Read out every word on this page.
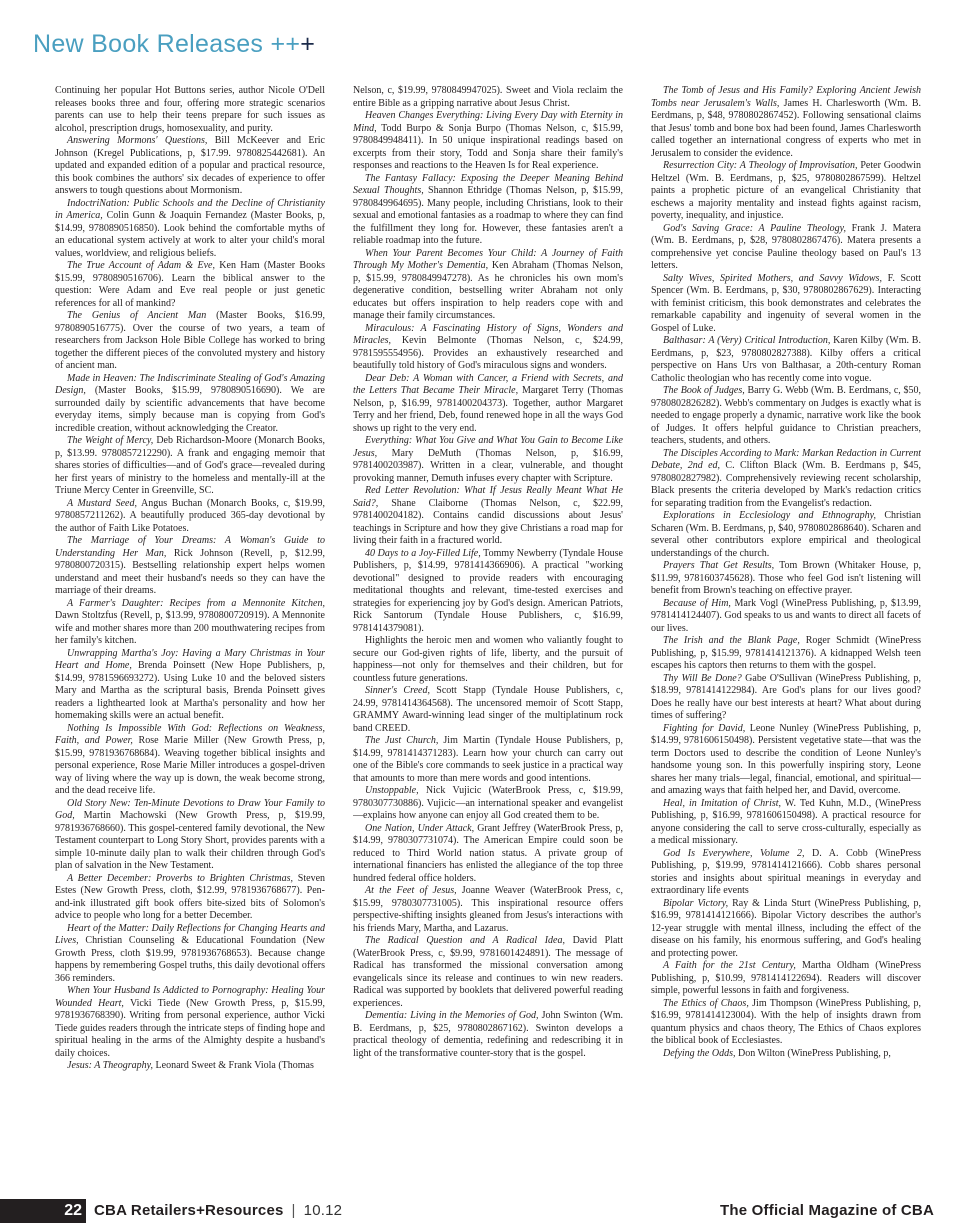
New Book Releases +++

Continuing her popular Hot Buttons series, author Nicole O'Dell releases books three and four, offering more strategic scenarios parents can use to help their teens prepare for such issues as alcohol, prescription drugs, homosexuality, and purity.

Answering Mormons' Questions, Bill McKeever and Eric Johnson (Kregel Publications, p, $17.99. 9780825442681). An updated and expanded edition of a popular and practical resource, this book combines the authors' six decades of experience to offer answers to tough questions about Mormonism.

IndoctriNation: Public Schools and the Decline of Christianity in America, Colin Gunn & Joaquin Fernandez (Master Books, p, $14.99, 9780890516850). Look behind the comfortable myths of an educational system actively at work to alter your child's moral values, worldview, and religious beliefs.

The True Account of Adam & Eve, Ken Ham (Master Books $15.99, 9780890516706). Learn the biblical answer to the question: Were Adam and Eve real people or just genetic references for all of mankind?

The Genius of Ancient Man (Master Books, $16.99, 9780890516775). Over the course of two years, a team of researchers from Jackson Hole Bible College has worked to bring together the different pieces of the convoluted mystery and history of ancient man.

Made in Heaven: The Indiscriminate Stealing of God's Amazing Design, (Master Books, $15.99, 9780890516690). We are surrounded daily by scientific advancements that have become everyday items, simply because man is copying from God's incredible creation, without acknowledging the Creator.

The Weight of Mercy, Deb Richardson-Moore (Monarch Books, p, $13.99. 9780857212290). A frank and engaging memoir that shares stories of difficulties—and of God's grace—revealed during her first years of ministry to the homeless and mentally-ill at the Triune Mercy Center in Greenville, SC.

A Mustard Seed, Angus Buchan (Monarch Books, c, $19.99, 9780857211262). A beautifully produced 365-day devotional by the author of Faith Like Potatoes.

The Marriage of Your Dreams: A Woman's Guide to Understanding Her Man, Rick Johnson (Revell, p, $12.99, 9780800720315). Bestselling relationship expert helps women understand and meet their husband's needs so they can have the marriage of their dreams.

A Farmer's Daughter: Recipes from a Mennonite Kitchen, Dawn Stoltzfus (Revell, p, $13.99, 9780800720919). A Mennonite wife and mother shares more than 200 mouthwatering recipes from her family's kitchen.

Unwrapping Martha's Joy: Having a Mary Christmas in Your Heart and Home, Brenda Poinsett (New Hope Publishers, p, $14.99, 9781596693272). Using Luke 10 and the beloved sisters Mary and Martha as the scriptural basis, Brenda Poinsett gives readers a lighthearted look at Martha's personality and how her homemaking skills were an actual benefit.

Nothing Is Impossible With God: Reflections on Weakness, Faith, and Power, Rose Marie Miller (New Growth Press, p, $15.99, 9781936768684). Weaving together biblical insights and personal experience, Rose Marie Miller introduces a gospel-driven way of living where the way up is down, the weak become strong, and the dead receive life.

Old Story New: Ten-Minute Devotions to Draw Your Family to God, Martin Machowski (New Growth Press, p, $19.99, 9781936768660). This gospel-centered family devotional, the New Testament counterpart to Long Story Short, provides parents with a simple 10-minute daily plan to walk their children through God's plan of salvation in the New Testament.

A Better December: Proverbs to Brighten Christmas, Steven Estes (New Growth Press, cloth, $12.99, 9781936768677). Pen-and-ink illustrated gift book offers bite-sized bits of Solomon's advice to people who long for a better December.

Heart of the Matter: Daily Reflections for Changing Hearts and Lives, Christian Counseling & Educational Foundation (New Growth Press, cloth $19.99, 9781936768653). Because change happens by remembering Gospel truths, this daily devotional offers 366 reminders.

When Your Husband Is Addicted to Pornography: Healing Your Wounded Heart, Vicki Tiede (New Growth Press, p, $15.99, 9781936768390). Writing from personal experience, author Vicki Tiede guides readers through the intricate steps of finding hope and spiritual healing in the arms of the Almighty despite a husband's daily choices.

Jesus: A Theography, Leonard Sweet & Frank Viola (Thomas

Nelson, c, $19.99, 9780849947025). Sweet and Viola reclaim the entire Bible as a gripping narrative about Jesus Christ.

Heaven Changes Everything: Living Every Day with Eternity in Mind, Todd Burpo & Sonja Burpo (Thomas Nelson, c, $15.99, 9780849948411). In 50 unique inspirational readings based on excerpts from their story, Todd and Sonja share their family's responses and reactions to the Heaven Is for Real experience.

The Fantasy Fallacy: Exposing the Deeper Meaning Behind Sexual Thoughts, Shannon Ethridge (Thomas Nelson, p, $15.99, 9780849964695). Many people, including Christians, look to their sexual and emotional fantasies as a roadmap to where they can find the fulfillment they long for. However, these fantasies aren't a reliable roadmap into the future.

When Your Parent Becomes Your Child: A Journey of Faith Through My Mother's Dementia, Ken Abraham (Thomas Nelson, p, $15.99, 9780849947278). As he chronicles his own mom's degenerative condition, bestselling writer Abraham not only educates but offers inspiration to help readers cope with and manage their family circumstances.

Miraculous: A Fascinating History of Signs, Wonders and Miracles, Kevin Belmonte (Thomas Nelson, c, $24.99, 9781595554956). Provides an exhaustively researched and beautifully told history of God's miraculous signs and wonders.

Dear Deb: A Woman with Cancer, a Friend with Secrets, and the Letters That Became Their Miracle, Margaret Terry (Thomas Nelson, p, $16.99, 9781400204373). Together, author Margaret Terry and her friend, Deb, found renewed hope in all the ways God shows up right to the very end.

Everything: What You Give and What You Gain to Become Like Jesus, Mary DeMuth (Thomas Nelson, p, $16.99, 9781400203987). Written in a clear, vulnerable, and thought provoking manner, Demuth infuses every chapter with Scripture.

Red Letter Revolution: What If Jesus Really Meant What He Said?, Shane Claiborne (Thomas Nelson, c, $22.99, 9781400204182). Contains candid discussions about Jesus' teachings in Scripture and how they give Christians a road map for living their faith in a fractured world.

40 Days to a Joy-Filled Life, Tommy Newberry (Tyndale House Publishers, p, $14.99, 9781414366906). A practical "working devotional" designed to provide readers with encouraging meditational thoughts and relevant, time-tested exercises and strategies for experiencing joy by God's design. American Patriots, Rick Santorum (Tyndale House Publishers, c, $16.99, 9781414379081).

Highlights the heroic men and women who valiantly fought to secure our God-given rights of life, liberty, and the pursuit of happiness—not only for themselves and their children, but for countless future generations.

Sinner's Creed, Scott Stapp (Tyndale House Publishers, c, 24.99, 9781414364568). The uncensored memoir of Scott Stapp, GRAMMY Award-winning lead singer of the multiplatinum rock band CREED.

The Just Church, Jim Martin (Tyndale House Publishers, p, $14.99, 9781414371283). Learn how your church can carry out one of the Bible's core commands to seek justice in a practical way that amounts to more than mere words and good intentions.

Unstoppable, Nick Vujicic (WaterBrook Press, c, $19.99, 9780307730886). Vujicic—an international speaker and evangelist—explains how anyone can enjoy all God created them to be.

One Nation, Under Attack, Grant Jeffrey (WaterBrook Press, p, $14.99, 9780307731074). The American Empire could soon be reduced to Third World nation status. A private group of international financiers has enlisted the allegiance of the top three hundred federal office holders.

At the Feet of Jesus, Joanne Weaver (WaterBrook Press, c, $15.99, 9780307731005). This inspirational resource offers perspective-shifting insights gleaned from Jesus's interactions with his friends Mary, Martha, and Lazarus.

The Radical Question and A Radical Idea, David Platt (WaterBrook Press, c, $9.99, 9781601424891). The message of Radical has transformed the missional conversation among evangelicals since its release and continues to win new readers. Radical was supported by booklets that delivered powerful reading experiences.

Dementia: Living in the Memories of God, John Swinton (Wm. B. Eerdmans, p, $25, 9780802867162). Swinton develops a practical theology of dementia, redefining and redescribing it in light of the transformative counter-story that is the gospel.

The Tomb of Jesus and His Family? Exploring Ancient Jewish Tombs near Jerusalem's Walls, James H. Charlesworth (Wm. B. Eerdmans, p, $48, 9780802867452). Following sensational claims that Jesus' tomb and bone box had been found, James Charlesworth called together an international congress of experts who met in Jerusalem to consider the evidence.

Resurrection City: A Theology of Improvisation, Peter Goodwin Heltzel (Wm. B. Eerdmans, p, $25, 9780802867599). Heltzel paints a prophetic picture of an evangelical Christianity that eschews a majority mentality and instead fights against racism, poverty, inequality, and injustice.

God's Saving Grace: A Pauline Theology, Frank J. Matera (Wm. B. Eerdmans, p, $28, 9780802867476). Matera presents a comprehensive yet concise Pauline theology based on Paul's 13 letters.

Salty Wives, Spirited Mothers, and Savvy Widows, F. Scott Spencer (Wm. B. Eerdmans, p, $30, 9780802867629). Interacting with feminist criticism, this book demonstrates and celebrates the remarkable capability and ingenuity of several women in the Gospel of Luke.

Balthasar: A (Very) Critical Introduction, Karen Kilby (Wm. B. Eerdmans, p, $23, 9780802827388). Kilby offers a critical perspective on Hans Urs von Balthasar, a 20th-century Roman Catholic theologian who has recently come into vogue.

The Book of Judges, Barry G. Webb (Wm. B. Eerdmans, c, $50, 9780802826282). Webb's commentary on Judges is exactly what is needed to engage properly a dynamic, narrative work like the book of Judges. It offers helpful guidance to Christian preachers, teachers, students, and others.

The Disciples According to Mark: Markan Redaction in Current Debate, 2nd ed, C. Clifton Black (Wm. B. Eerdmans p, $45, 9780802827982). Comprehensively reviewing recent scholarship, Black presents the criteria developed by Mark's redaction critics for separating tradition from the Evangelist's redaction.

Explorations in Ecclesiology and Ethnography, Christian Scharen (Wm. B. Eerdmans, p, $40, 9780802868640). Scharen and several other contributors explore empirical and theological understandings of the church.

Prayers That Get Results, Tom Brown (Whitaker House, p, $11.99, 9781603745628). Those who feel God isn't listening will benefit from Brown's teaching on effective prayer.

Because of Him, Mark Vogl (WinePress Publishing, p, $13.99, 9781414124407). God speaks to us and wants to direct all facets of our lives.

The Irish and the Blank Page, Roger Schmidt (WinePress Publishing, p, $15.99, 9781414121376). A kidnapped Welsh teen escapes his captors then returns to them with the gospel.

Thy Will Be Done? Gabe O'Sullivan (WinePress Publishing, p, $18.99, 9781414122984). Are God's plans for our lives good? Does he really have our best interests at heart? What about during times of suffering?

Fighting for David, Leone Nunley (WinePress Publishing, p, $14.99, 9781606150498). Persistent vegetative state—that was the term Doctors used to describe the condition of Leone Nunley's handsome young son. In this powerfully inspiring story, Leone shares her many trials—legal, financial, emotional, and spiritual—and amazing ways that faith helped her, and David, overcome.

Heal, in Imitation of Christ, W. Ted Kuhn, M.D., (WinePress Publishing, p, $16.99, 9781606150498). A practical resource for anyone considering the call to serve cross-culturally, especially as a medical missionary.

God Is Everywhere, Volume 2, D. A. Cobb (WinePress Publishing, p, $19.99, 9781414121666). Cobb shares personal stories and insights about spiritual meanings in everyday and extraordinary life events

Bipolar Victory, Ray & Linda Sturt (WinePress Publishing, p, $16.99, 9781414121666). Bipolar Victory describes the author's 12-year struggle with mental illness, including the effect of the disease on his family, his enormous suffering, and God's healing and protecting power.

A Faith for the 21st Century, Martha Oldham (WinePress Publishing, p, $10.99, 9781414122694). Readers will discover simple, powerful lessons in faith and forgiveness.

The Ethics of Chaos, Jim Thompson (WinePress Publishing, p, $16.99, 9781414123004). With the help of insights drawn from quantum physics and chaos theory, The Ethics of Chaos explores the biblical book of Ecclesiastes.

Defying the Odds, Don Wilton (WinePress Publishing, p,

22 CBA Retailers+Resources | 10.12	The Official Magazine of CBA
